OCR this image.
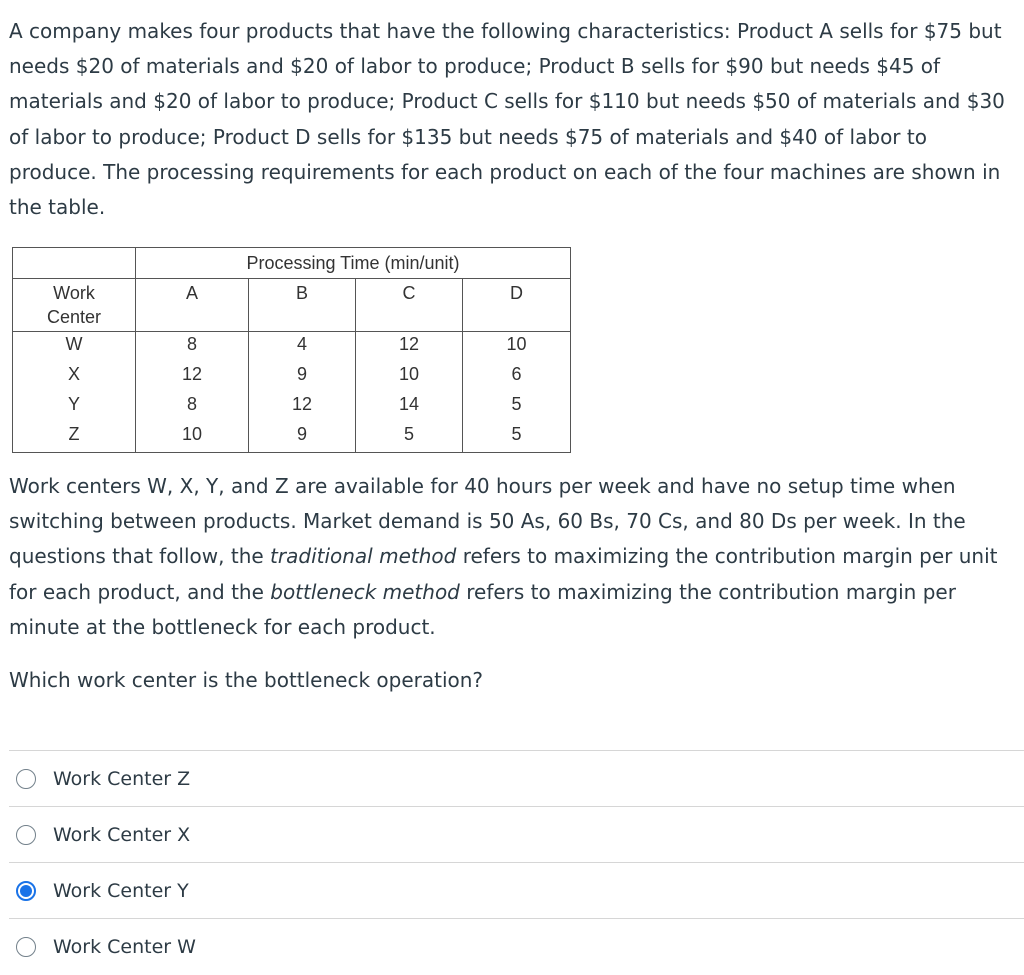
A company makes four products that have the following characteristics: Product A sells for $75 but needs $20 of materials and $20 of labor to produce; Product B sells for $90 but needs $45 of materials and $20 of labor to produce; Product C sells for $110 but needs $50 of materials and $30 of labor to produce; Product D sells for $135 but needs $75 of materials and $40 of labor to produce. The processing requirements for each product on each of the four machines are shown in the table.

	Processing Time (min/unit)			
Work
Center	A	B	C	D
W	8	4	12	10
X	12	9	10	6
Y	8	12	14	5
Z	10	9	5	5

Work centers W, X, Y, and Z are available for 40 hours per week and have no setup time when switching between products. Market demand is 50 As, 60 Bs, 70 Cs, and 80 Ds per week. In the questions that follow, the traditional method refers to maximizing the contribution margin per unit for each product, and the bottleneck method refers to maximizing the contribution margin per minute at the bottleneck for each product.

Which work center is the bottleneck operation?

Work Center Z
Work Center X
Work Center Y
Work Center W
